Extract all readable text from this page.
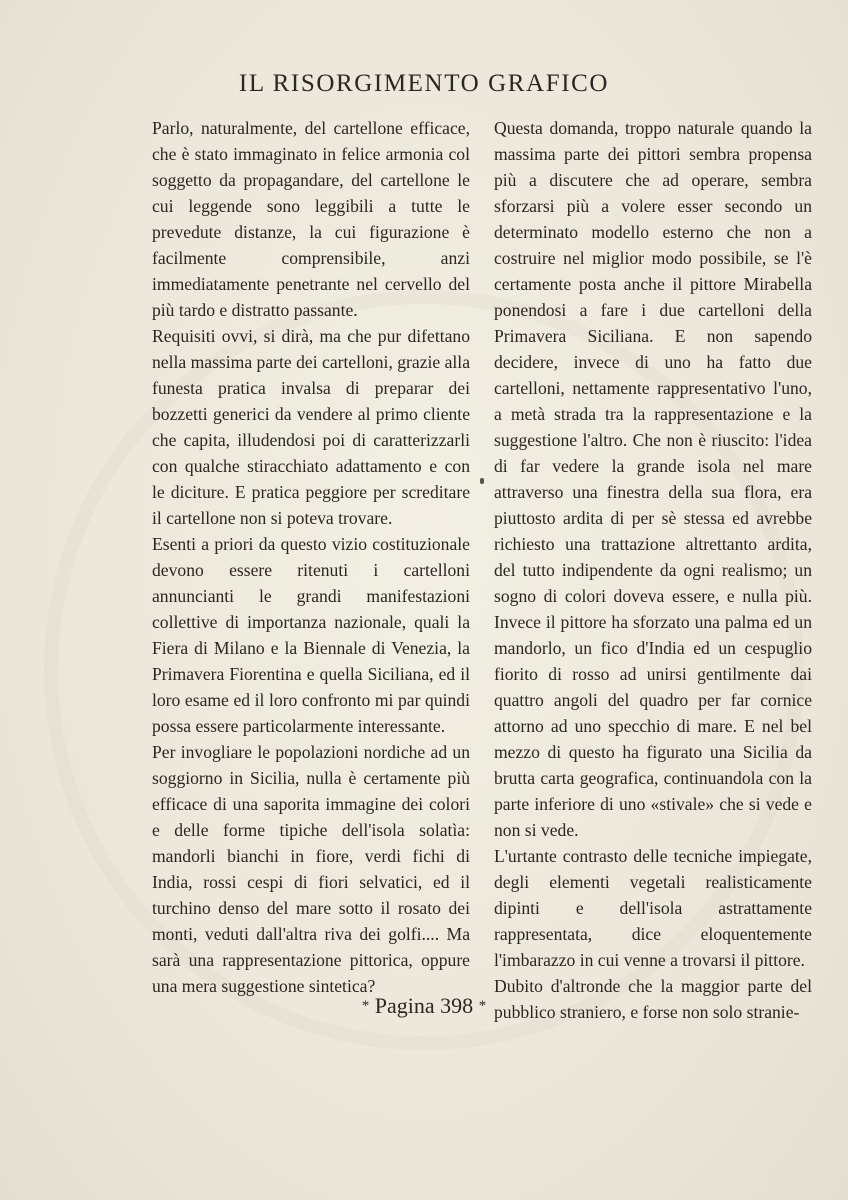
IL RISORGIMENTO GRAFICO

Parlo, naturalmente, del cartellone efficace, che è stato immaginato in felice armonia col soggetto da propagandare, del cartellone le cui leggende sono leggibili a tutte le prevedute distanze, la cui figurazione è facilmente comprensibile, anzi immediatamente penetrante nel cervello del più tardo e distratto passante.

Requisiti ovvi, si dirà, ma che pur difettano nella massima parte dei cartelloni, grazie alla funesta pratica invalsa di preparar dei bozzetti generici da vendere al primo cliente che capita, illudendosi poi di caratterizzarli con qualche stiracchiato adattamento e con le diciture. E pratica peggiore per screditare il cartellone non si poteva trovare.

Esenti a priori da questo vizio costituzionale devono essere ritenuti i cartelloni annuncianti le grandi manifestazioni collettive di importanza nazionale, quali la Fiera di Milano e la Biennale di Venezia, la Primavera Fiorentina e quella Siciliana, ed il loro esame ed il loro confronto mi par quindi possa essere particolarmente interessante.

Per invogliare le popolazioni nordiche ad un soggiorno in Sicilia, nulla è certamente più efficace di una saporita immagine dei colori e delle forme tipiche dell'isola solatìa: mandorli bianchi in fiore, verdi fichi di India, rossi cespi di fiori selvatici, ed il turchino denso del mare sotto il rosato dei monti, veduti dall'altra riva dei golfi.... Ma sarà una rappresentazione pittorica, oppure una mera suggestione sintetica?

Questa domanda, troppo naturale quando la massima parte dei pittori sembra propensa più a discutere che ad operare, sembra sforzarsi più a volere esser secondo un determinato modello esterno che non a costruire nel miglior modo possibile, se l'è certamente posta anche il pittore Mirabella ponendosi a fare i due cartelloni della Primavera Siciliana. E non sapendo decidere, invece di uno ha fatto due cartelloni, nettamente rappresentativo l'uno, a metà strada tra la rappresentazione e la suggestione l'altro. Che non è riuscito: l'idea di far vedere la grande isola nel mare attraverso una finestra della sua flora, era piuttosto ardita di per sè stessa ed avrebbe richiesto una trattazione altrettanto ardita, del tutto indipendente da ogni realismo; un sogno di colori doveva essere, e nulla più. Invece il pittore ha sforzato una palma ed un mandorlo, un fico d'India ed un cespuglio fiorito di rosso ad unirsi gentilmente dai quattro angoli del quadro per far cornice attorno ad uno specchio di mare. E nel bel mezzo di questo ha figurato una Sicilia da brutta carta geografica, continuandola con la parte inferiore di uno «stivale» che si vede e non si vede.

L'urtante contrasto delle tecniche impiegate, degli elementi vegetali realisticamente dipinti e dell'isola astrattamente rappresentata, dice eloquentemente l'imbarazzo in cui venne a trovarsi il pittore.

Dubito d'altronde che la maggior parte del pubblico straniero, e forse non solo stranie-

* Pagina 398 *
